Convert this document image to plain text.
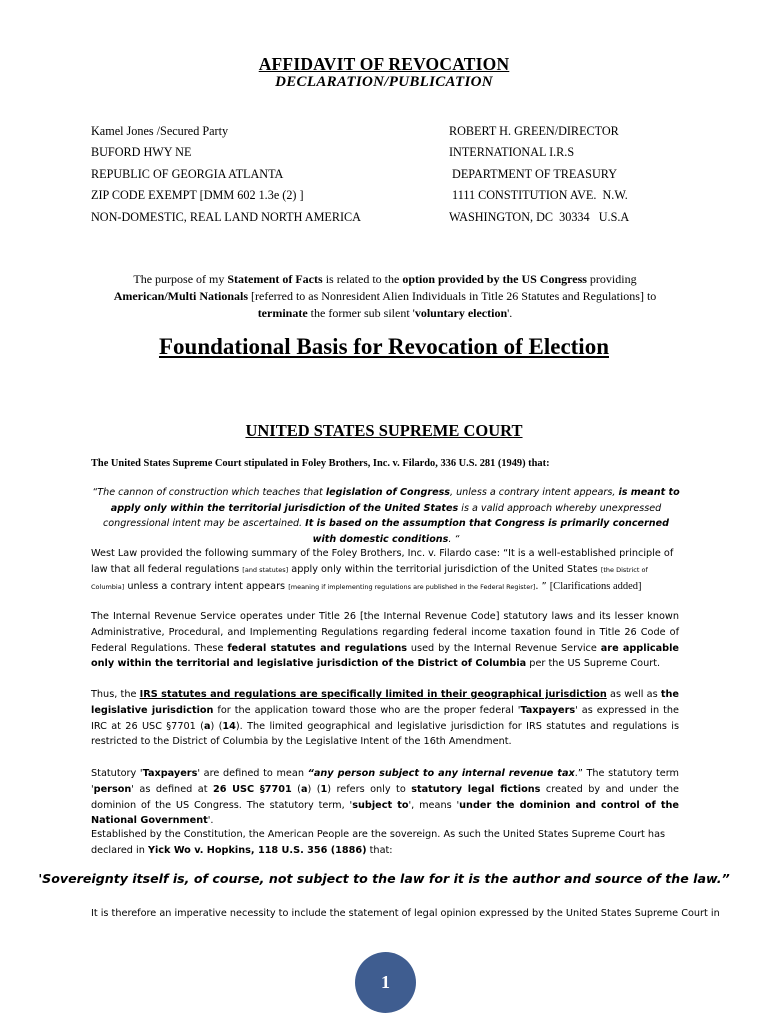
AFFIDAVIT OF REVOCATION
DECLARATION/PUBLICATION
Kamel Jones /Secured Party
BUFORD HWY NE
REPUBLIC OF GEORGIA ATLANTA
ZIP CODE EXEMPT [DMM 602 1.3e (2) ]
NON-DOMESTIC, REAL LAND NORTH AMERICA
ROBERT H. GREEN/DIRECTOR
INTERNATIONAL I.R.S
DEPARTMENT OF TREASURY
1111 CONSTITUTION AVE.  N.W.
WASHINGTON, DC  30334   U.S.A
The purpose of my Statement of Facts is related to the option provided by the US Congress providing
American/Multi Nationals [referred to as Nonresident Alien Individuals in Title 26 Statutes and Regulations] to
terminate the former sub silent 'voluntary election'.
Foundational Basis for Revocation of Election
UNITED STATES SUPREME COURT
The United States Supreme Court stipulated in Foley Brothers, Inc. v. Filardo, 336 U.S. 281 (1949) that:
“The cannon of construction which teaches that legislation of Congress, unless a contrary intent appears, is meant to apply only within the territorial jurisdiction of the United States is a valid approach whereby unexpressed congressional intent may be ascertained. It is based on the assumption that Congress is primarily concerned with domestic conditions. “
West Law provided the following summary of the Foley Brothers, Inc. v. Filardo case: “It is a well-established principle of law that all federal regulations [and statutes] apply only within the territorial jurisdiction of the United States [the District of Columbia] unless a contrary intent appears [meaning if implementing regulations are published in the Federal Register]. ” [Clarifications added]
The Internal Revenue Service operates under Title 26 [the Internal Revenue Code] statutory laws and its lesser known Administrative, Procedural, and Implementing Regulations regarding federal income taxation found in Title 26 Code of Federal Regulations. These federal statutes and regulations used by the Internal Revenue Service are applicable only within the territorial and legislative jurisdiction of the District of Columbia per the US Supreme Court.
Thus, the IRS statutes and regulations are specifically limited in their geographical jurisdiction as well as the legislative jurisdiction for the application toward those who are the proper federal 'Taxpayers' as expressed in the IRC at 26 USC §7701 (a) (14). The limited geographical and legislative jurisdiction for IRS statutes and regulations is restricted to the District of Columbia by the Legislative Intent of the 16th Amendment.
Statutory 'Taxpayers' are defined to mean “any person subject to any internal revenue tax.” The statutory term 'person' as defined at 26 USC §7701 (a) (1) refers only to statutory legal fictions created by and under the dominion of the US Congress. The statutory term, 'subject to', means 'under the dominion and control of the National Government'.
Established by the Constitution, the American People are the sovereign. As such the United States Supreme Court has declared in Yick Wo v. Hopkins, 118 U.S. 356 (1886) that:
'Sovereignty itself is, of course, not subject to the law for it is the author and source of the law.”
It is therefore an imperative necessity to include the statement of legal opinion expressed by the United States Supreme Court in
1
